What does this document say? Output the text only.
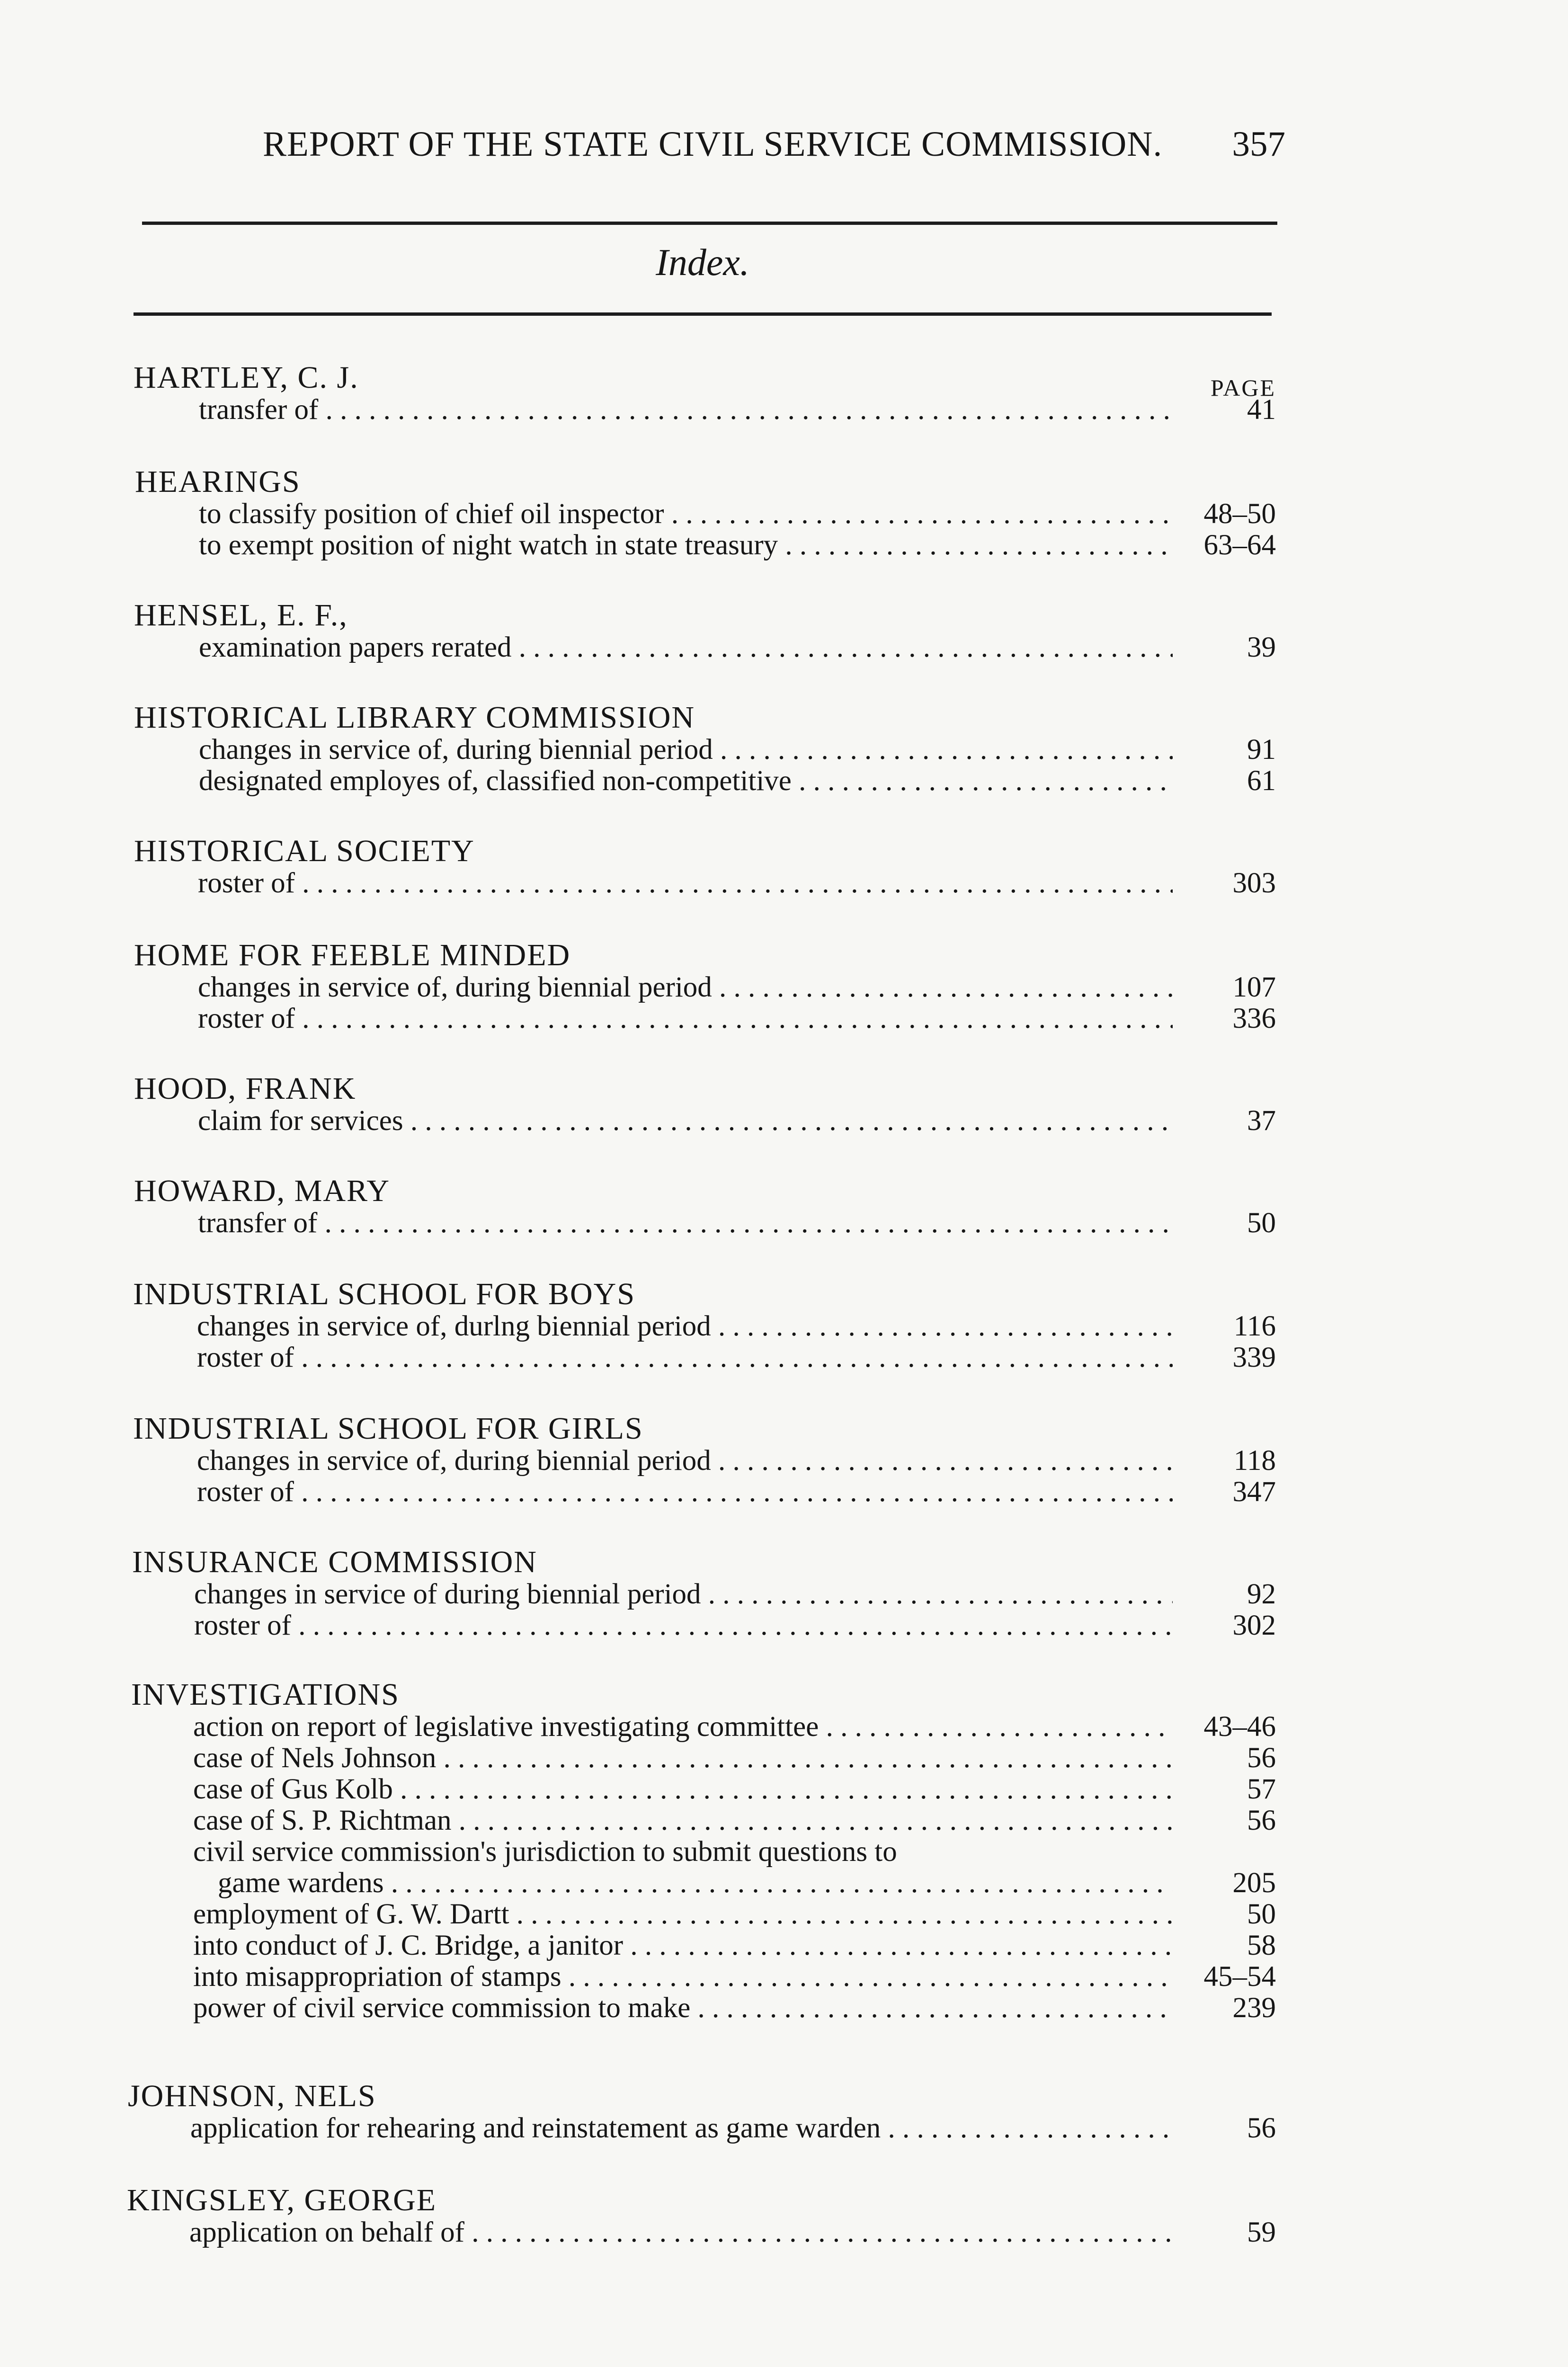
REPORT OF THE STATE CIVIL SERVICE COMMISSION.	357
Index.
PAGE
HARTLEY, C. J.
transfer of . . .	41
HEARINGS
to classify position of chief oil inspector . . .	48–50
to exempt position of night watch in state treasury . . .	63–64
HENSEL, E. F.,
examination papers rerated . . .	39
HISTORICAL LIBRARY COMMISSION
changes in service of, during biennial period . . .	91
designated employes of, classified non-competitive . . .	61
HISTORICAL SOCIETY
roster of . . .	303
HOME FOR FEEBLE MINDED
changes in service of, during biennial period . . .	107
roster of . . .	336
HOOD, FRANK
claim for services . . .	37
HOWARD, MARY
transfer of . . .	50
INDUSTRIAL SCHOOL FOR BOYS
changes in service of, durlng biennial period . . .	116
roster of . . .	339
INDUSTRIAL SCHOOL FOR GIRLS
changes in service of, during biennial period . . .	118
roster of . . .	347
INSURANCE COMMISSION
changes in service of during biennial period . . .	92
roster of . . .	302
INVESTIGATIONS
action on report of legislative investigating committee . . .	43–46
case of Nels Johnson . . .	56
case of Gus Kolb . . .	57
case of S. P. Richtman . . .	56
civil service commission's jurisdiction to submit questions to
game wardens . . .	205
employment of G. W. Dartt . . .	50
into conduct of J. C. Bridge, a janitor . . .	58
into misappropriation of stamps . . .	45–54
power of civil service commission to make . . .	239
JOHNSON, NELS
application for rehearing and reinstatement as game warden . . .	56
KINGSLEY, GEORGE
application on behalf of . . .	59
